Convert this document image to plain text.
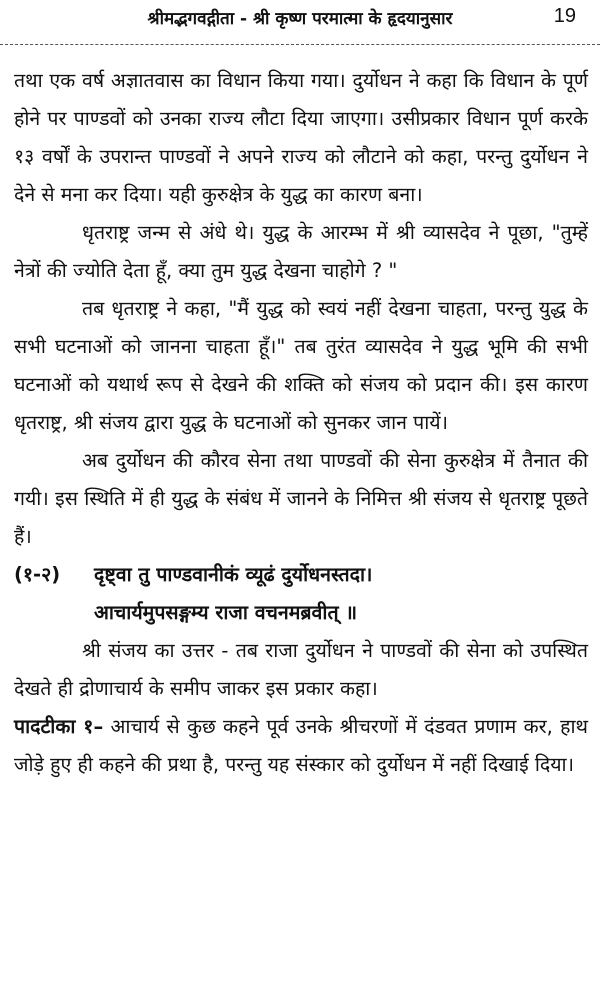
श्रीमद्भगवद्गीता - श्री कृष्ण परमात्मा के हृदयानुसार	19

तथा एक वर्ष अज्ञातवास का विधान किया गया। दुर्योधन ने कहा कि विधान के पूर्ण होने पर पाण्डवों को उनका राज्य लौटा दिया जाएगा। उसीप्रकार विधान पूर्ण करके १३ वर्षों के उपरान्त पाण्डवों ने अपने राज्य को लौटाने को कहा, परन्तु दुर्योधन ने देने से मना कर दिया। यही कुरुक्षेत्र के युद्ध का कारण बना।

धृतराष्ट्र जन्म से अंधे थे। युद्ध के आरम्भ में श्री व्यासदेव ने पूछा, "तुम्हें नेत्रों की ज्योति देता हूँ, क्या तुम युद्ध देखना चाहोगे ? "

तब धृतराष्ट्र ने कहा, "मैं युद्ध को स्वयं नहीं देखना चाहता, परन्तु युद्ध के सभी घटनाओं को जानना चाहता हूँ।" तब तुरंत व्यासदेव ने युद्ध भूमि की सभी घटनाओं को यथार्थ रूप से देखने की शक्ति को संजय को प्रदान की। इस कारण धृतराष्ट्र, श्री संजय द्वारा युद्ध के घटनाओं को सुनकर जान पायें।

अब दुर्योधन की कौरव सेना तथा पाण्डवों की सेना कुरुक्षेत्र में तैनात की गयी। इस स्थिति में ही युद्ध के संबंध में जानने के निमित्त श्री संजय से धृतराष्ट्र पूछते हैं।

(१-२) दृष्ट्वा तु पाण्डवानीकं व्यूढं दुर्योधनस्तदा।
आचार्यमुपसङ्गम्य राजा वचनमब्रवीत् ॥

श्री संजय का उत्तर - तब राजा दुर्योधन ने पाण्डवों की सेना को उपस्थित देखते ही द्रोणाचार्य के समीप जाकर इस प्रकार कहा।

पादटीका १– आचार्य से कुछ कहने पूर्व उनके श्रीचरणों में दंडवत प्रणाम कर, हाथ जोड़े हुए ही कहने की प्रथा है, परन्तु यह संस्कार को दुर्योधन में नहीं दिखाई दिया।
